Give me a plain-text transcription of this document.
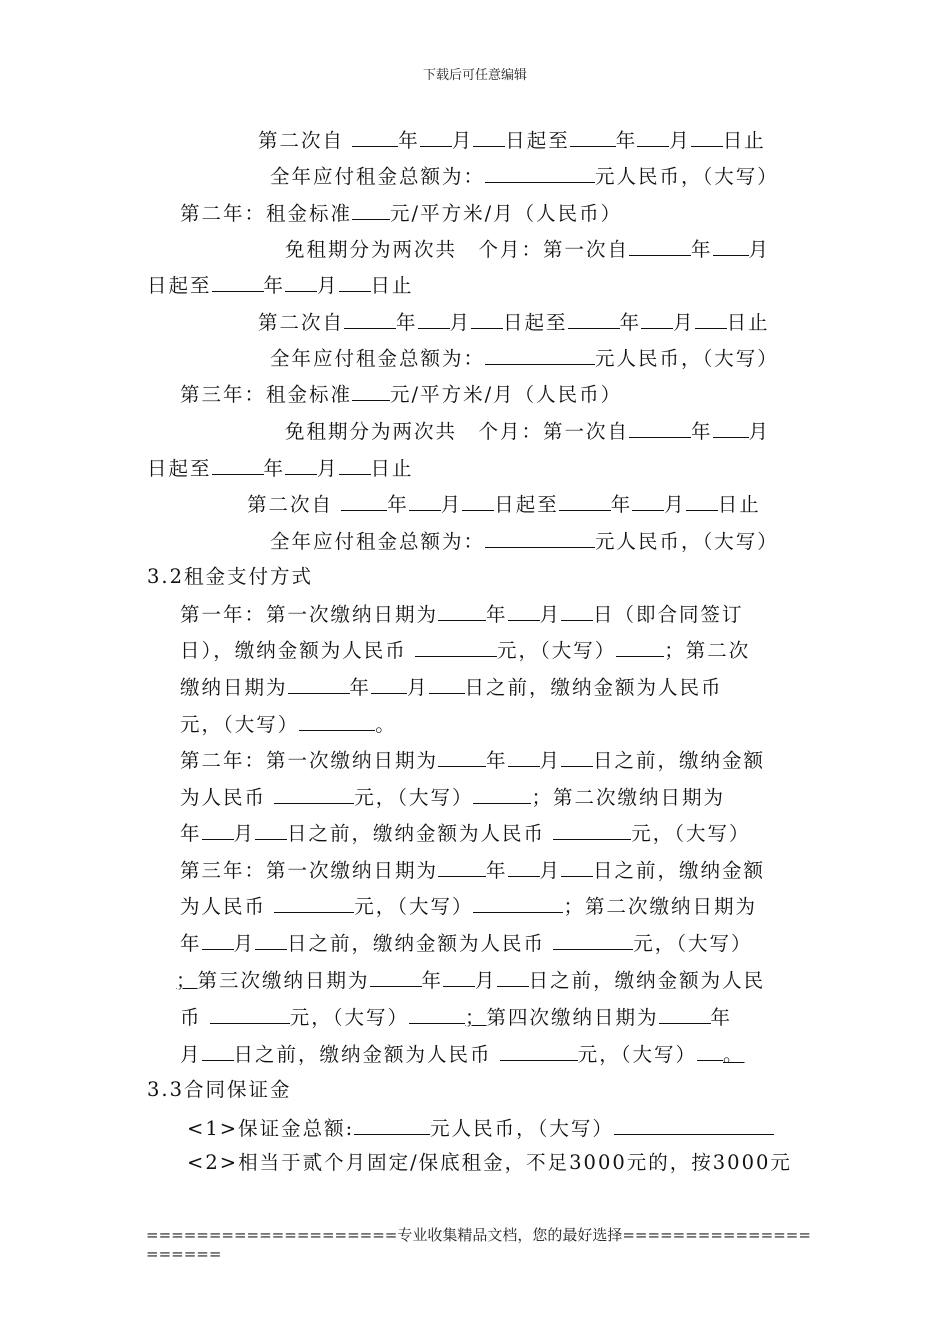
下载后可任意编辑
第二次自 年 月 日起至 年 月 日止
全年应付租金总额为：	元人民币，（大写）
第二年：租金标准 元/平方米/月（人民币）
免租期分为两次共　个月：第一次自	年 月
日起至	年 月 日止
第二次自	年 月 日起至	年 月 日止
全年应付租金总额为：	元人民币，（大写）
第三年：租金标准 元/平方米/月（人民币）
免租期分为两次共　个月：第一次自	年 月
日起至	年 月 日止
第二次自 年 月 日起至	年 月 日止
全年应付租金总额为：	元人民币，（大写）
3.2租金支付方式
第一年：第一次缴纳日期为 年 月 日（即合同签订
日），缴纳金额为人民币	元，（大写） ；第二次
缴纳日期为	年 月 日之前，缴纳金额为人民币
元，（大写）	。
第二年：第一次缴纳日期为 年 月 日之前，缴纳金额
为人民币	元，（大写）	；第二次缴纳日期为
年 月 日之前，缴纳金额为人民币	元，（大写）
第三年：第一次缴纳日期为 年 月 日之前，缴纳金额
为人民币	元，（大写）	；第二次缴纳日期为
年 月 日之前，缴纳金额为人民币	元，（大写）
；第三次缴纳日期为	年 月 日之前，缴纳金额为人民
币	元，（大写）	；第四次缴纳日期为	年
月 日之前，缴纳金额为人民币	元，（大写） 。
3.3合同保证金
<1>保证金总额:	元人民币，（大写）
<2>相当于贰个月固定/保底租金，不足3000元的，按3000元
====================专业收集精品文档，您的最好选择=====================
